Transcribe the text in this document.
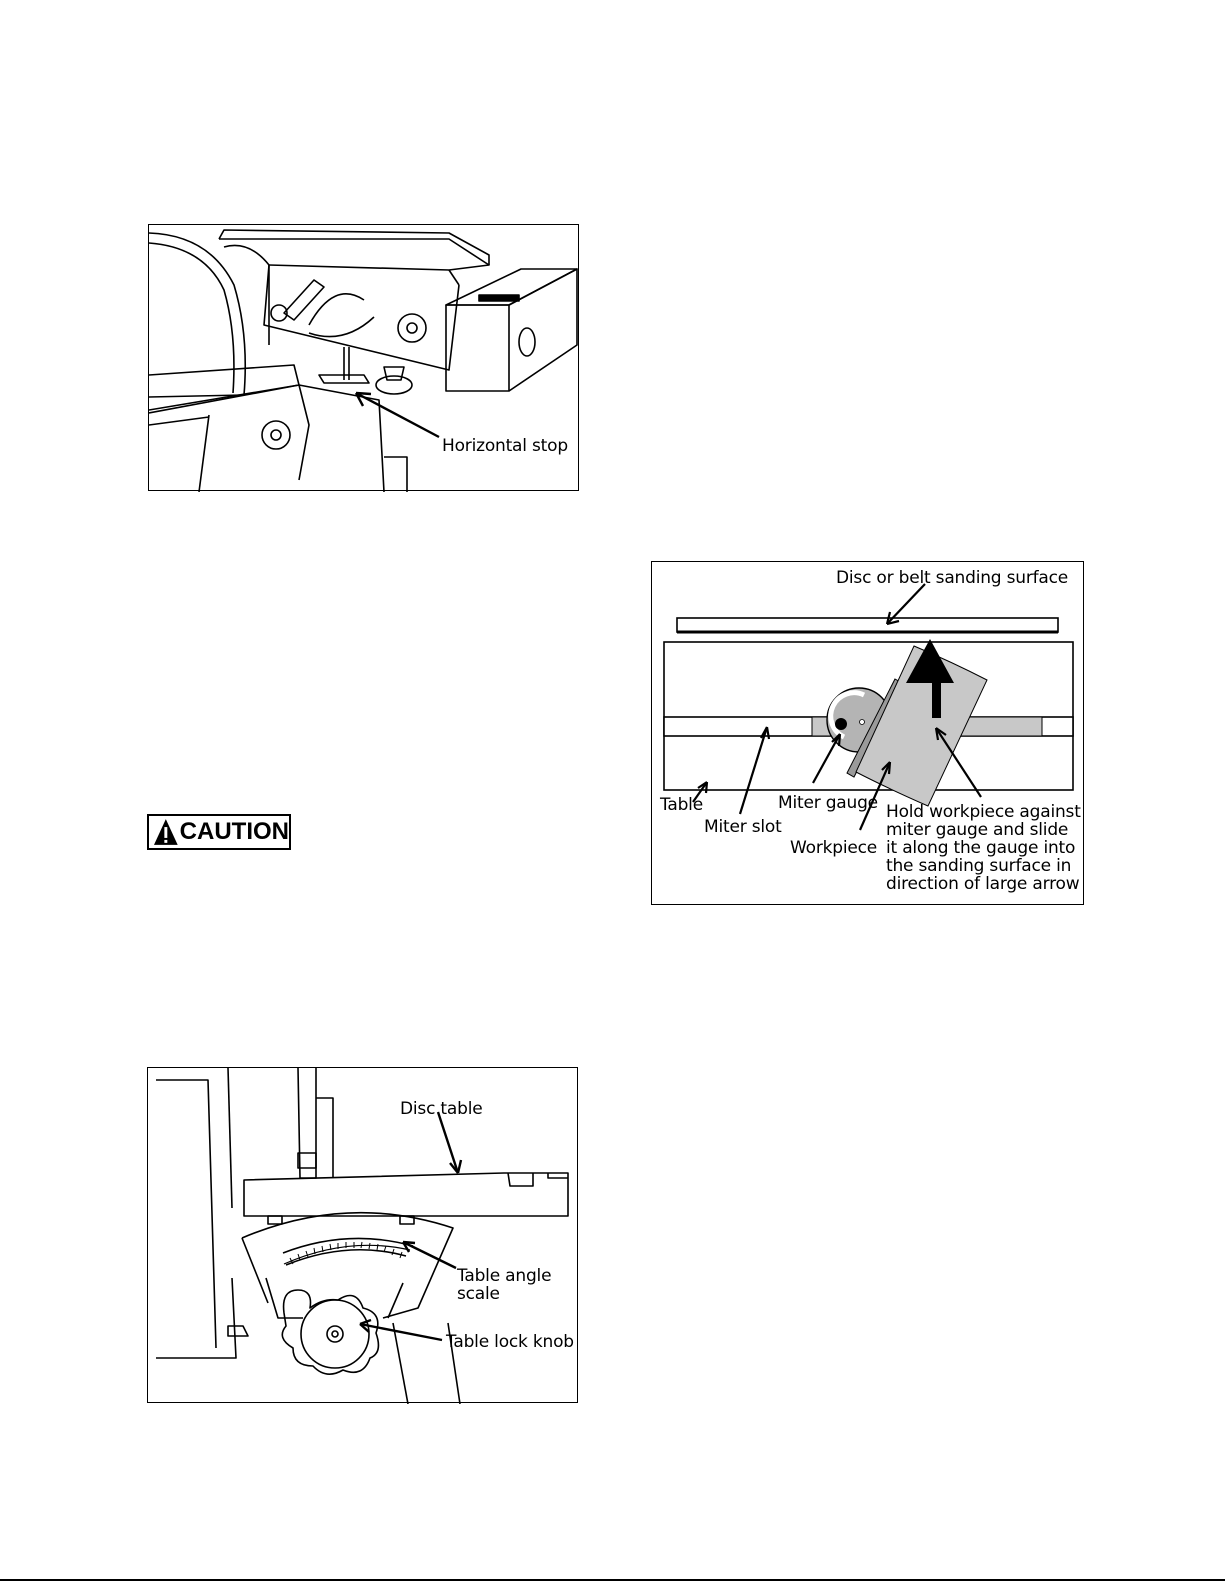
Horizontal stop
CAUTION
Disc or belt sanding surface
Table
Miter slot
Miter gauge
Workpiece
Hold workpiece against
miter gauge and slide
it along the gauge into
the sanding surface in
direction of large arrow
Disc table
Table angle
scale
Table lock knob
